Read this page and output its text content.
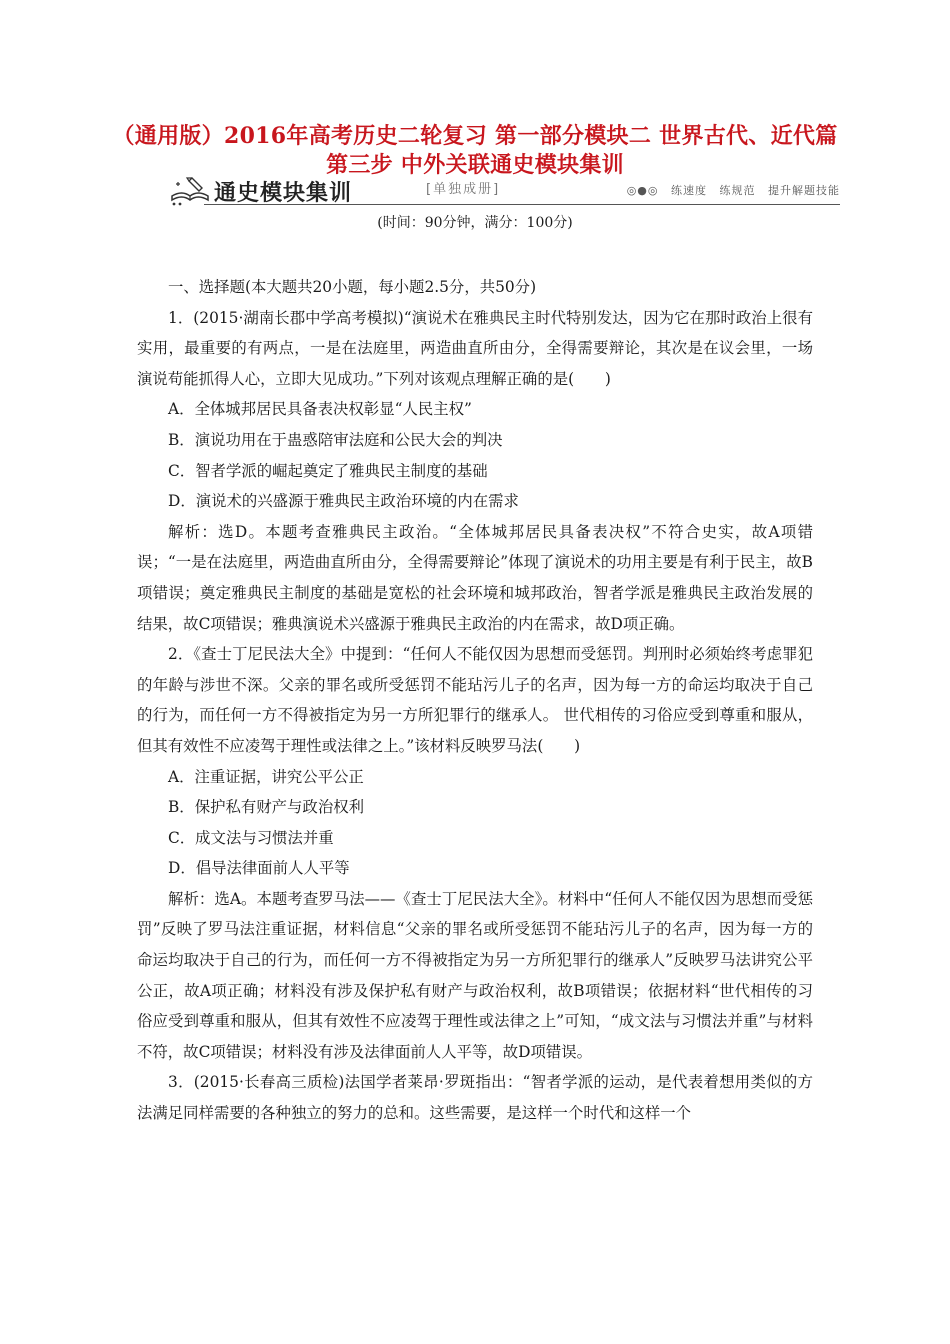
（通用版）2016年高考历史二轮复习 第一部分模块二 世界古代、近代篇 第三步 中外关联通史模块集训
通史模块集训	[单独成册]	◎●◎ 练速度 练规范 提升解题技能
(时间：90分钟，满分：100分)

一、选择题(本大题共20小题，每小题2.5分，共50分)

1．(2015·湖南长郡中学高考模拟)“演说术在雅典民主时代特别发达，因为它在那时政治上很有实用，最重要的有两点，一是在法庭里，两造曲直所由分，全得需要辩论，其次是在议会里，一场演说苟能抓得人心，立即大见成功。”下列对该观点理解正确的是(　　)

A．全体城邦居民具备表决权彰显“人民主权”

B．演说功用在于蛊惑陪审法庭和公民大会的判决

C．智者学派的崛起奠定了雅典民主制度的基础

D．演说术的兴盛源于雅典民主政治环境的内在需求

解析：选D。本题考查雅典民主政治。“全体城邦居民具备表决权”不符合史实，故A项错误；“一是在法庭里，两造曲直所由分，全得需要辩论”体现了演说术的功用主要是有利于民主，故B项错误；奠定雅典民主制度的基础是宽松的社会环境和城邦政治，智者学派是雅典民主政治发展的结果，故C项错误；雅典演说术兴盛源于雅典民主政治的内在需求，故D项正确。

2．《查士丁尼民法大全》中提到：“任何人不能仅因为思想而受惩罚。判刑时必须始终考虑罪犯的年龄与涉世不深。父亲的罪名或所受惩罚不能玷污儿子的名声，因为每一方的命运均取决于自己的行为，而任何一方不得被指定为另一方所犯罪行的继承人。 世代相传的习俗应受到尊重和服从，但其有效性不应凌驾于理性或法律之上。”该材料反映罗马法(　　)

A．注重证据，讲究公平公正

B．保护私有财产与政治权利

C．成文法与习惯法并重

D．倡导法律面前人人平等

解析：选A。本题考查罗马法——《查士丁尼民法大全》。材料中“任何人不能仅因为思想而受惩罚”反映了罗马法注重证据，材料信息“父亲的罪名或所受惩罚不能玷污儿子的名声，因为每一方的命运均取决于自己的行为，而任何一方不得被指定为另一方所犯罪行的继承人”反映罗马法讲究公平公正，故A项正确；材料没有涉及保护私有财产与政治权利，故B项错误；依据材料“世代相传的习俗应受到尊重和服从，但其有效性不应凌驾于理性或法律之上”可知，“成文法与习惯法并重”与材料不符，故C项错误；材料没有涉及法律面前人人平等，故D项错误。

3．(2015·长春高三质检)法国学者莱昂·罗斑指出：“智者学派的运动，是代表着想用类似的方法满足同样需要的各种独立的努力的总和。这些需要，是这样一个时代和这样一个
